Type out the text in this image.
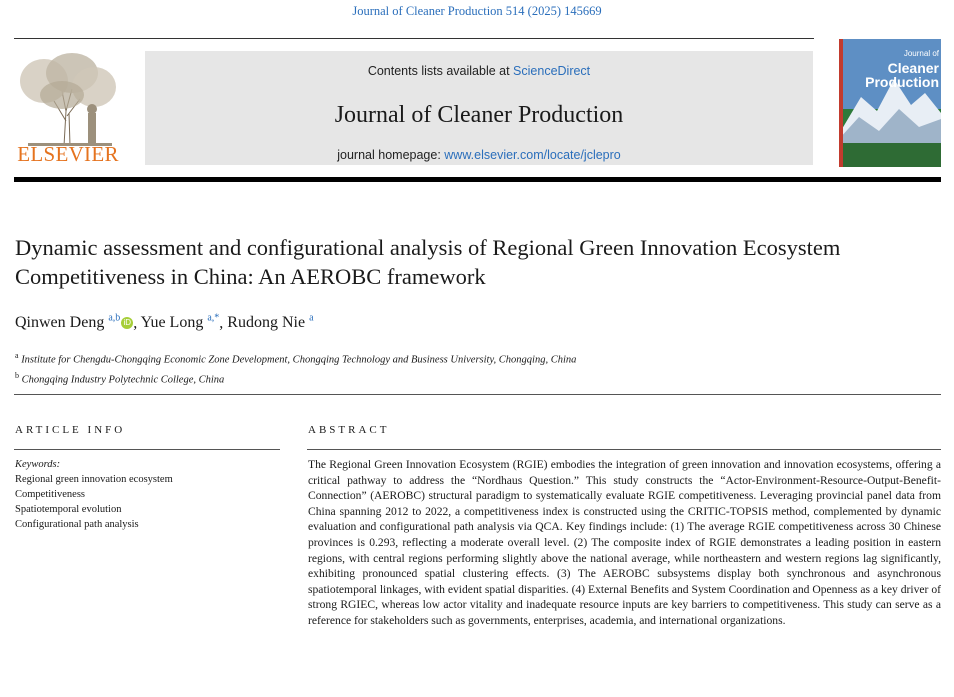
Journal of Cleaner Production 514 (2025) 145669
ELSEVIER
Contents lists available at ScienceDirect
Journal of Cleaner Production
journal homepage: www.elsevier.com/locate/jclepro
Journal of
Cleaner
Production
Dynamic assessment and configurational analysis of Regional Green Innovation Ecosystem Competitiveness in China: An AEROBC framework
Qinwen Deng $^{a,b}$ iD , Yue Long $^{a,*}$, Rudong Nie $^a$
$^a$ Institute for Chengdu-Chongqing Economic Zone Development, Chongqing Technology and Business University, Chongqing, China
$^b$ Chongqing Industry Polytechnic College, China
ARTICLE INFO	ABSTRACT
Keywords:
Regional green innovation ecosystem
Competitiveness
Spatiotemporal evolution
Configurational path analysis

The Regional Green Innovation Ecosystem (RGIE) embodies the integration of green innovation and innovation ecosystems, offering a critical pathway to address the “Nordhaus Question.” This study constructs the “Actor-Environment-Resource-Output-Benefit-Connection” (AEROBC) structural paradigm to systematically evaluate RGIE competitiveness. Leveraging provincial panel data from China spanning 2012 to 2022, a competitiveness index is constructed using the CRITIC-TOPSIS method, complemented by dynamic evaluation and configurational path analysis via QCA. Key findings include: (1) The average RGIE competitiveness across 30 Chinese provinces is 0.293, reflecting a moderate overall level. (2) The composite index of RGIE demonstrates a leading position in eastern regions, with central regions performing slightly above the national average, while northeastern and western regions lag significantly, exhibiting pronounced spatial clustering effects. (3) The AEROBC subsystems display both synchronous and asynchronous spatiotemporal linkages, with evident spatial disparities. (4) External Benefits and System Coordination and Openness as a key driver of strong RGIEC, whereas low actor vitality and inadequate resource inputs are key barriers to competitiveness. This study can serve as a reference for stakeholders such as governments, enterprises, academia, and international organizations.
